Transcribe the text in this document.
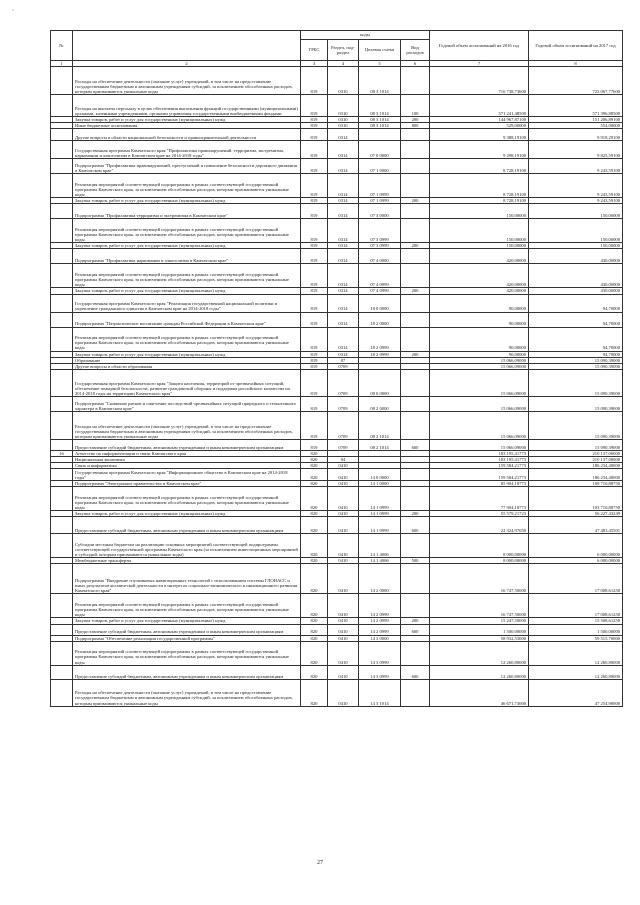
`
№		коды				Годовой объем ассигнований на 2016 год	Годовой объем ассигнований на 2017 год
		ГРБС	Раздел, под-раздел	Целевая статья	Вид расходов		
1	2	3	4	5	6	7	8
	Расходы на обеспечение деятельности (оказание услуг) учреждений, в том числе на предоставление государственным бюджетным и автономным учреждениям субсидий, за исключением обособленных расходов, которым присваиваются уникальные коды	819	0310	08 3 1014		716 738,73600	723 067,77600
	Расходы на выплаты персоналу в целях обеспечения выполнения функций государственными (муниципальными) органами, казенными учреждениями, органами управления государственными внебюджетными фондами	819	0310	08 3 1014	100	571 241,48500	571 396,88500
	Закупка товаров, работ и услуг для государственных (муниципальных) нужд	819	0310	08 3 1014	200	144 967,87100	151 206,89100
	Иные бюджетные ассигнования	819	0310	08 3 1014	800	529,00000	554,00000
	Другие вопросы в области национальной безопасности и правоохранительной деятельности	819	0314			9 388,19100	9 918,29100
	Государственная программа Камчатского края "Профилактика правонарушений, терроризма, экстремизма, наркомании и алкоголизма в Камчатском крае на 2014-2018 годы"	819	0314	07 0 0000		9 298,19100	9 825,59100
	Подпрограмма "Профилактика правонарушений, преступлений и повышение безопасности дорожного движения в Камчатском крае"	819	0314	07 1 0000		8 728,19100	9 243,59100
	Реализация мероприятий соответствующей подпрограммы в рамках соответствующей государственной программы Камчатского края, за исключением обособленных расходов, которым присваиваются уникальные коды	819	0314	07 1 0999		8 728,19100	9 243,59100
	Закупка товаров, работ и услуг для государственных (муниципальных) нужд	819	0314	07 1 0999	200	8 728,19100	9 243,59100
	Подпрограмма "Профилактика терроризма и экстремизма в Камчатском крае"	819	0314	07 3 0000		150,00000	150,00000
	Реализация мероприятий соответствующей подпрограммы в рамках соответствующей государственной программы Камчатского края, за исключением обособленных расходов, которым присваиваются уникальные коды	819	0314	07 3 0999		150,00000	150,00000
	Закупка товаров, работ и услуг для государственных (муниципальных) нужд	819	0314	07 3 0999	200	150,00000	150,00000
	Подпрограмма "Профилактика наркомании и алкоголизма в Камчатском крае"	819	0314	07 4 0000		420,00000	430,00000
	Реализация мероприятий соответствующей подпрограммы в рамках соответствующей государственной программы Камчатского края, за исключением обособленных расходов, которым присваиваются уникальные коды	819	0314	07 4 0999		420,00000	430,00000
	Закупка товаров, работ и услуг для государственных (муниципальных) нужд	819	0314	07 4 0999	200	420,00000	430,00000
	Государственная программа Камчатского края "Реализация государственной национальной политики и укрепление гражданского единства в Камчатском крае на 2014-2018 годы"	819	0314	18 0 0000		90,00000	94,70000
	Подпрограмма "Патриотическое воспитание граждан Российской Федерации в Камчатском крае"	819	0314	18 2 0000		90,00000	94,70000
	Реализация мероприятий соответствующей подпрограммы в рамках соответствующей государственной программы Камчатского края, за исключением обособленных расходов, которым присваиваются уникальные коды	819	0314	18 2 0999		90,00000	94,70000
	Закупка товаров, работ и услуг для государственных (муниципальных) нужд	819	0314	18 2 0999	200	90,00000	94,70000
	Образование	819	07			15 066,09000	15 090,39000
	Другие вопросы в области образования	819	0709			15 066,09000	15 090,39000
	Государственная программа Камчатского края "Защита населения, территорий от чрезвычайных ситуаций, обеспечение пожарной безопасности, развитие гражданской обороны и поддержка российского казачества на 2014-2018 годы на территории Камчатского края"	819	0709	08 0 0000		15 066,09000	15 090,39000
	Подпрограмма "Снижение рисков и смягчение последствий чрезвычайных ситуаций природного и техногенного характера в Камчатском крае"	819	0709	08 2 0000		15 066,09000	15 090,39000
	Расходы на обеспечение деятельности (оказание услуг) учреждений, в том числе на предоставление государственным бюджетным и автономным учреждениям субсидий, за исключением обособленных расходов, которым присваиваются уникальные коды	819	0709	08 2 1014		15 066,09000	15 090,39000
	Предоставление субсидий бюджетным, автономным учреждениям и иным некоммерческим организациям	819	0709	08 2 1014	600	15 066,09000	15 090,39000
16	Агентство по информатизации и связи Камчатского края	820				183 195,41773	210 137,00000
	Национальная экономика	820	04			183 195,41773	210 137,00000
	Связь и информатика	820	0410			159 584,21773	186 234,40000
	Государственная программа Камчатского края "Информационное общество в Камчатском крае на 2014-2018 годы"	820	0410	14 0 0000		159 584,21773	186 234,40000
	Подпрограмма "Электронное правительство в Камчатском крае"	820	0410	14 1 0000		85 904,18773	109 710,88750
	Реализация мероприятий соответствующей подпрограммы в рамках соответствующей государственной программы Камчатского края, за исключением обособленных расходов, которым присваиваются уникальные коды	820	0410	14 1 0999		77 904,18773	103 710,88750
	Закупка товаров, работ и услуг для государственных (муниципальных) нужд	820	0410	14 1 0999	200	55 579,21723	56 227,43249
	Предоставление субсидий бюджетным, автономным учреждениям и иным некоммерческим организациям	820	0410	14 1 0999	600	22 324,97050	47 483,45501
	Субсидии местным бюджетам на реализацию основных мероприятий соответствующей подпрограммы соответствующей государственной программы Камчатского края (за исключением инвестиционных мероприятий и субсидий, которым присваиваются уникальные коды)	820	0410	14 1 4006		8 000,00000	6 000,00000
	Межбюджетные трансферты	820	0410	14 1 4006	500	8 000,00000	6 000,00000
	Подпрограмма "Внедрение спутниковых навигационных технологий с использованием системы ГЛОНАСС и иных результатов космической деятельности в интересах социально-экономического и инновационного развития Камчатского края"	820	0410	14 2 0000		16 747,50000	17 008,61250
	Реализация мероприятий соответствующей подпрограммы в рамках соответствующей государственной программы Камчатского края, за исключением обособленных расходов, которым присваиваются уникальные коды	820	0410	14 2 0999		16 747,50000	17 008,61250
	Закупка товаров, работ и услуг для государственных (муниципальных) нужд	820	0410	14 2 0999	200	15 247,50000	15 508,61250
	Предоставление субсидий бюджетным, автономным учреждениям и иным некоммерческим организациям	820	0410	14 2 0999	600	1 500,00000	1 500,00000
	Подпрограмма "Обеспечение реализации государственной программы"	820	0410	14 3 0000		58 932,53000	59 515,70000
	Реализация мероприятий соответствующей подпрограммы в рамках соответствующей государственной программы Камчатского края, за исключением обособленных расходов, которым присваиваются уникальные коды	820	0410	14 3 0999		12 260,80000	12 260,80000
	Предоставление субсидий бюджетным, автономным учреждениям и иным некоммерческим организациям	820	0410	14 3 0999	600	12 260,80000	12 260,80000
	Расходы на обеспечение деятельности (оказание услуг) учреждений, в том числе на предоставление государственным бюджетным и автономным учреждениям субсидий, за исключением обособленных расходов, которым присваиваются уникальные коды	820	0410	14 3 1014		46 671,73000	47 254,90000
27
